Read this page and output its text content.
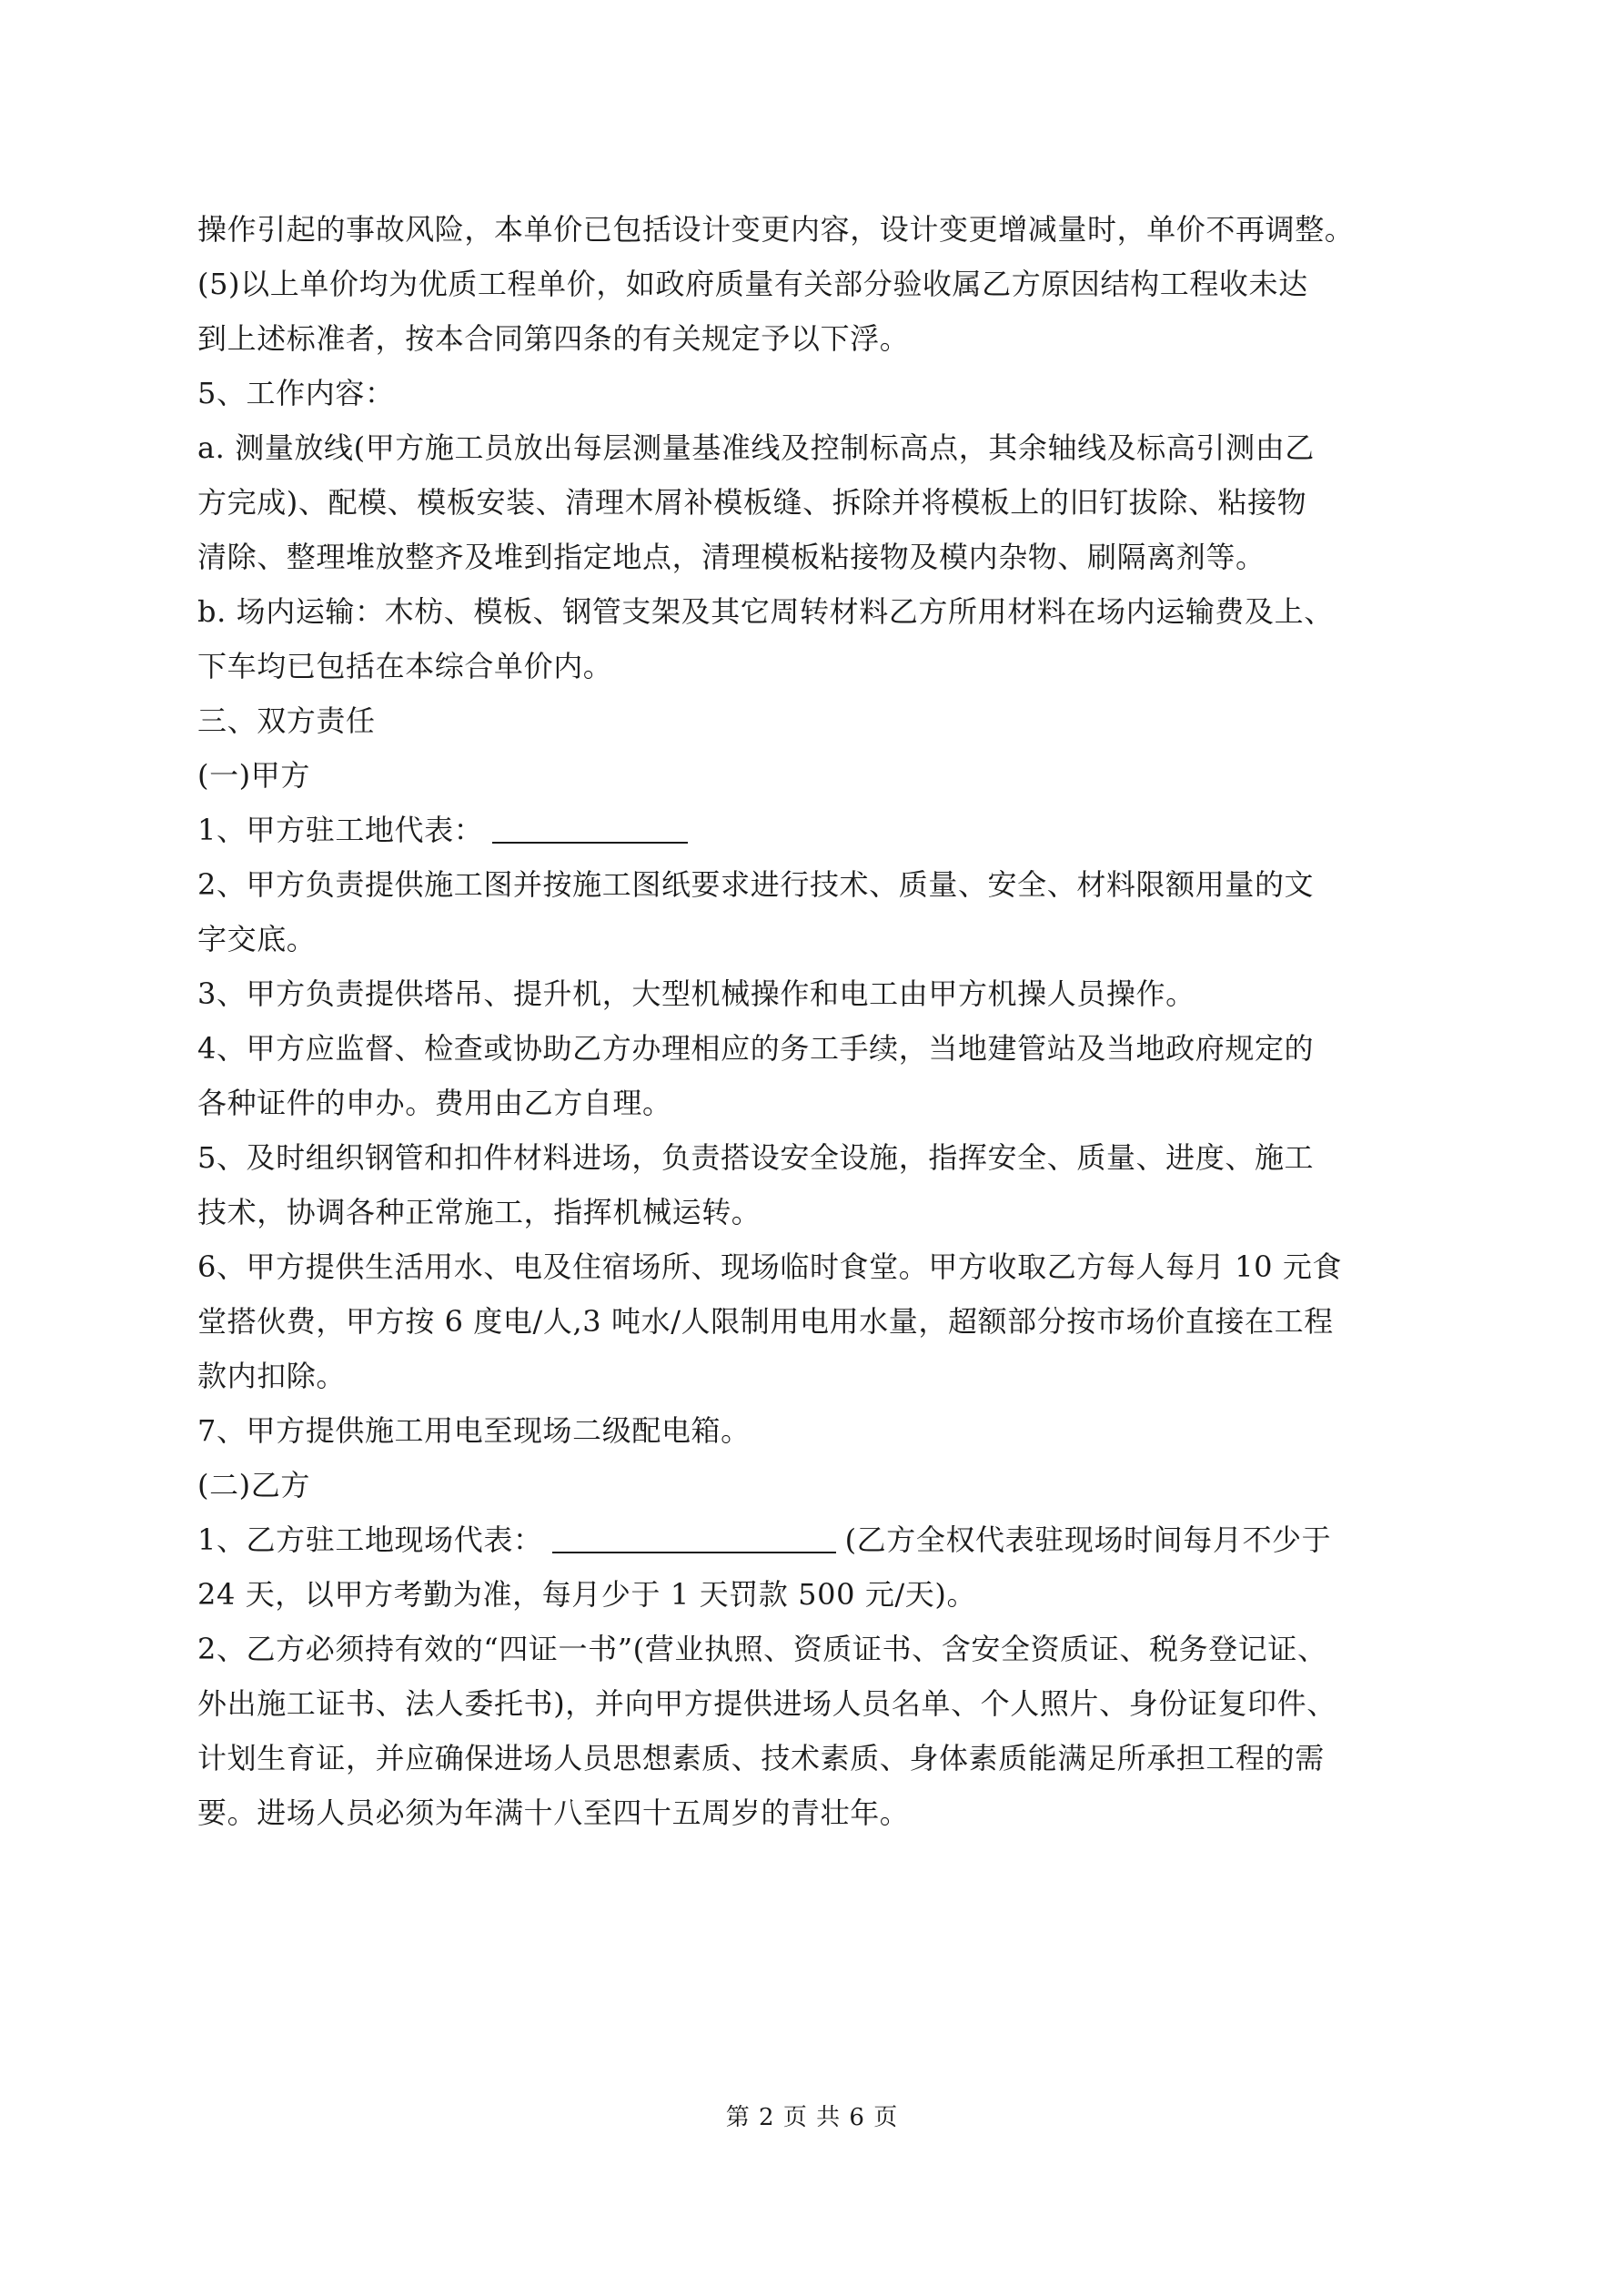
操作引起的事故风险，本单价已包括设计变更内容，设计变更增减量时，单价不再调整。
(5)以上单价均为优质工程单价，如政府质量有关部分验收属乙方原因结构工程收未达
到上述标准者，按本合同第四条的有关规定予以下浮。
5、工作内容：
a. 测量放线(甲方施工员放出每层测量基准线及控制标高点，其余轴线及标高引测由乙
方完成)、配模、模板安装、清理木屑补模板缝、拆除并将模板上的旧钉拔除、粘接物
清除、整理堆放整齐及堆到指定地点，清理模板粘接物及模内杂物、刷隔离剂等。
b. 场内运输：木枋、模板、钢管支架及其它周转材料乙方所用材料在场内运输费及上、
下车均已包括在本综合单价内。
三、双方责任
(一)甲方
1、甲方驻工地代表：
2、甲方负责提供施工图并按施工图纸要求进行技术、质量、安全、材料限额用量的文
字交底。
3、甲方负责提供塔吊、提升机，大型机械操作和电工由甲方机操人员操作。
4、甲方应监督、检查或协助乙方办理相应的务工手续，当地建管站及当地政府规定的
各种证件的申办。费用由乙方自理。
5、及时组织钢管和扣件材料进场，负责搭设安全设施，指挥安全、质量、进度、施工
技术，协调各种正常施工，指挥机械运转。
6、甲方提供生活用水、电及住宿场所、现场临时食堂。甲方收取乙方每人每月 10 元食
堂搭伙费，甲方按 6 度电/人,3 吨水/人限制用电用水量，超额部分按市场价直接在工程
款内扣除。
7、甲方提供施工用电至现场二级配电箱。
(二)乙方
1、乙方驻工地现场代表：	(乙方全权代表驻现场时间每月不少于
24 天，以甲方考勤为准，每月少于 1 天罚款 500 元/天)。
2、乙方必须持有效的“四证一书”(营业执照、资质证书、含安全资质证、税务登记证、
外出施工证书、法人委托书)，并向甲方提供进场人员名单、个人照片、身份证复印件、
计划生育证，并应确保进场人员思想素质、技术素质、身体素质能满足所承担工程的需
要。进场人员必须为年满十八至四十五周岁的青壮年。
第 2 页 共 6 页
